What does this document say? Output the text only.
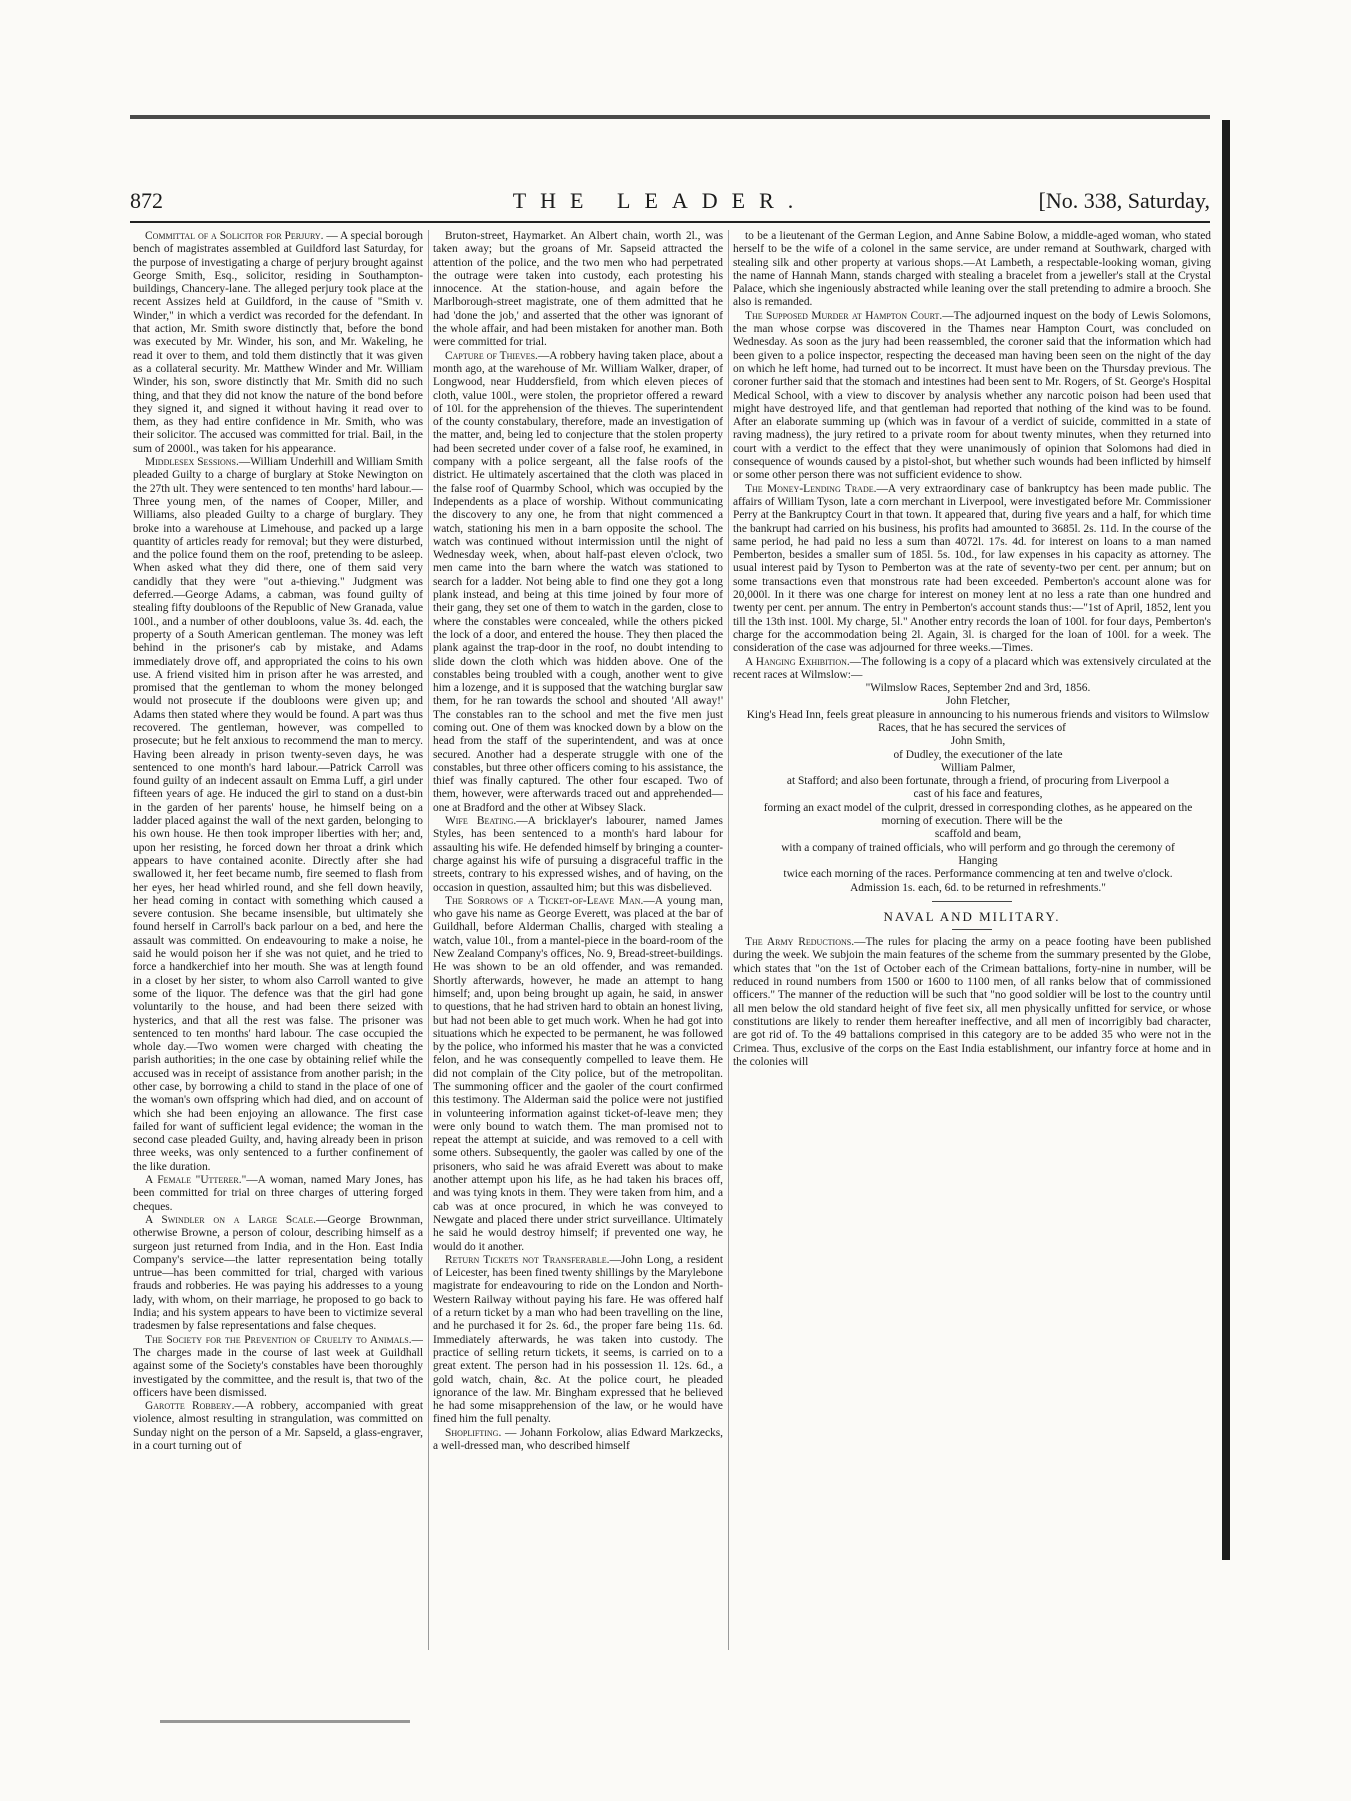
872	THE LEADER.	[No. 338, Saturday,

Committal of a Solicitor for Perjury. — A special borough bench of magistrates assembled at Guildford last Saturday, for the purpose of investigating a charge of perjury brought against George Smith, Esq., solicitor, residing in Southampton-buildings, Chancery-lane. The alleged perjury took place at the recent Assizes held at Guildford, in the cause of "Smith v. Winder," in which a verdict was recorded for the defendant. In that action, Mr. Smith swore distinctly that, before the bond was executed by Mr. Winder, his son, and Mr. Wakeling, he read it over to them, and told them distinctly that it was given as a collateral security. Mr. Matthew Winder and Mr. William Winder, his son, swore distinctly that Mr. Smith did no such thing, and that they did not know the nature of the bond before they signed it, and signed it without having it read over to them, as they had entire confidence in Mr. Smith, who was their solicitor. The accused was committed for trial. Bail, in the sum of 2000l., was taken for his appearance.

Middlesex Sessions.—William Underhill and William Smith pleaded Guilty to a charge of burglary at Stoke Newington on the 27th ult. They were sentenced to ten months' hard labour.—Three young men, of the names of Cooper, Miller, and Williams, also pleaded Guilty to a charge of burglary. They broke into a warehouse at Limehouse, and packed up a large quantity of articles ready for removal; but they were disturbed, and the police found them on the roof, pretending to be asleep. When asked what they did there, one of them said very candidly that they were "out a-thieving." Judgment was deferred.—George Adams, a cabman, was found guilty of stealing fifty doubloons of the Republic of New Granada, value 100l., and a number of other doubloons, value 3s. 4d. each, the property of a South American gentleman. The money was left behind in the prisoner's cab by mistake, and Adams immediately drove off, and appropriated the coins to his own use. A friend visited him in prison after he was arrested, and promised that the gentleman to whom the money belonged would not prosecute if the doubloons were given up; and Adams then stated where they would be found. A part was thus recovered. The gentleman, however, was compelled to prosecute; but he felt anxious to recommend the man to mercy. Having been already in prison twenty-seven days, he was sentenced to one month's hard labour.—Patrick Carroll was found guilty of an indecent assault on Emma Luff, a girl under fifteen years of age. He induced the girl to stand on a dust-bin in the garden of her parents' house, he himself being on a ladder placed against the wall of the next garden, belonging to his own house. He then took improper liberties with her; and, upon her resisting, he forced down her throat a drink which appears to have contained aconite. Directly after she had swallowed it, her feet became numb, fire seemed to flash from her eyes, her head whirled round, and she fell down heavily, her head coming in contact with something which caused a severe contusion. She became insensible, but ultimately she found herself in Carroll's back parlour on a bed, and here the assault was committed. On endeavouring to make a noise, he said he would poison her if she was not quiet, and he tried to force a handkerchief into her mouth. She was at length found in a closet by her sister, to whom also Carroll wanted to give some of the liquor. The defence was that the girl had gone voluntarily to the house, and had been there seized with hysterics, and that all the rest was false. The prisoner was sentenced to ten months' hard labour. The case occupied the whole day.—Two women were charged with cheating the parish authorities; in the one case by obtaining relief while the accused was in receipt of assistance from another parish; in the other case, by borrowing a child to stand in the place of one of the woman's own offspring which had died, and on account of which she had been enjoying an allowance. The first case failed for want of sufficient legal evidence; the woman in the second case pleaded Guilty, and, having already been in prison three weeks, was only sentenced to a further confinement of the like duration.

A Female "Utterer."—A woman, named Mary Jones, has been committed for trial on three charges of uttering forged cheques.

A Swindler on a Large Scale.—George Brownman, otherwise Browne, a person of colour, describing himself as a surgeon just returned from India, and in the Hon. East India Company's service—the latter representation being totally untrue—has been committed for trial, charged with various frauds and robberies. He was paying his addresses to a young lady, with whom, on their marriage, he proposed to go back to India; and his system appears to have been to victimize several tradesmen by false representations and false cheques.

The Society for the Prevention of Cruelty to Animals.—The charges made in the course of last week at Guildhall against some of the Society's constables have been thoroughly investigated by the committee, and the result is, that two of the officers have been dismissed.

Garotte Robbery.—A robbery, accompanied with great violence, almost resulting in strangulation, was committed on Sunday night on the person of a Mr. Sapseld, a glass-engraver, in a court turning out of

Bruton-street, Haymarket. An Albert chain, worth 2l., was taken away; but the groans of Mr. Sapseid attracted the attention of the police, and the two men who had perpetrated the outrage were taken into custody, each protesting his innocence. At the station-house, and again before the Marlborough-street magistrate, one of them admitted that he had 'done the job,' and asserted that the other was ignorant of the whole affair, and had been mistaken for another man. Both were committed for trial.

Capture of Thieves.—A robbery having taken place, about a month ago, at the warehouse of Mr. William Walker, draper, of Longwood, near Huddersfield, from which eleven pieces of cloth, value 100l., were stolen, the proprietor offered a reward of 10l. for the apprehension of the thieves. The superintendent of the county constabulary, therefore, made an investigation of the matter, and, being led to conjecture that the stolen property had been secreted under cover of a false roof, he examined, in company with a police sergeant, all the false roofs of the district. He ultimately ascertained that the cloth was placed in the false roof of Quarmby School, which was occupied by the Independents as a place of worship. Without communicating the discovery to any one, he from that night commenced a watch, stationing his men in a barn opposite the school. The watch was continued without intermission until the night of Wednesday week, when, about half-past eleven o'clock, two men came into the barn where the watch was stationed to search for a ladder. Not being able to find one they got a long plank instead, and being at this time joined by four more of their gang, they set one of them to watch in the garden, close to where the constables were concealed, while the others picked the lock of a door, and entered the house. They then placed the plank against the trap-door in the roof, no doubt intending to slide down the cloth which was hidden above. One of the constables being troubled with a cough, another went to give him a lozenge, and it is supposed that the watching burglar saw them, for he ran towards the school and shouted 'All away!' The constables ran to the school and met the five men just coming out. One of them was knocked down by a blow on the head from the staff of the superintendent, and was at once secured. Another had a desperate struggle with one of the constables, but three other officers coming to his assistance, the thief was finally captured. The other four escaped. Two of them, however, were afterwards traced out and apprehended—one at Bradford and the other at Wibsey Slack.

Wife Beating.—A bricklayer's labourer, named James Styles, has been sentenced to a month's hard labour for assaulting his wife. He defended himself by bringing a counter-charge against his wife of pursuing a disgraceful traffic in the streets, contrary to his expressed wishes, and of having, on the occasion in question, assaulted him; but this was disbelieved.

The Sorrows of a Ticket-of-Leave Man.—A young man, who gave his name as George Everett, was placed at the bar of Guildhall, before Alderman Challis, charged with stealing a watch, value 10l., from a mantel-piece in the board-room of the New Zealand Company's offices, No. 9, Bread-street-buildings. He was shown to be an old offender, and was remanded. Shortly afterwards, however, he made an attempt to hang himself; and, upon being brought up again, he said, in answer to questions, that he had striven hard to obtain an honest living, but had not been able to get much work. When he had got into situations which he expected to be permanent, he was followed by the police, who informed his master that he was a convicted felon, and he was consequently compelled to leave them. He did not complain of the City police, but of the metropolitan. The summoning officer and the gaoler of the court confirmed this testimony. The Alderman said the police were not justified in volunteering information against ticket-of-leave men; they were only bound to watch them. The man promised not to repeat the attempt at suicide, and was removed to a cell with some others. Subsequently, the gaoler was called by one of the prisoners, who said he was afraid Everett was about to make another attempt upon his life, as he had taken his braces off, and was tying knots in them. They were taken from him, and a cab was at once procured, in which he was conveyed to Newgate and placed there under strict surveillance. Ultimately he said he would destroy himself; if prevented one way, he would do it another.

Return Tickets not Transferable.—John Long, a resident of Leicester, has been fined twenty shillings by the Marylebone magistrate for endeavouring to ride on the London and North-Western Railway without paying his fare. He was offered half of a return ticket by a man who had been travelling on the line, and he purchased it for 2s. 6d., the proper fare being 11s. 6d. Immediately afterwards, he was taken into custody. The practice of selling return tickets, it seems, is carried on to a great extent. The person had in his possession 1l. 12s. 6d., a gold watch, chain, &c. At the police court, he pleaded ignorance of the law. Mr. Bingham expressed that he believed he had some misapprehension of the law, or he would have fined him the full penalty.

Shoplifting. — Johann Forkolow, alias Edward Markzecks, a well-dressed man, who described himself

to be a lieutenant of the German Legion, and Anne Sabine Bolow, a middle-aged woman, who stated herself to be the wife of a colonel in the same service, are under remand at Southwark, charged with stealing silk and other property at various shops.—At Lambeth, a respectable-looking woman, giving the name of Hannah Mann, stands charged with stealing a bracelet from a jeweller's stall at the Crystal Palace, which she ingeniously abstracted while leaning over the stall pretending to admire a brooch. She also is remanded.

The Supposed Murder at Hampton Court.—The adjourned inquest on the body of Lewis Solomons, the man whose corpse was discovered in the Thames near Hampton Court, was concluded on Wednesday. As soon as the jury had been reassembled, the coroner said that the information which had been given to a police inspector, respecting the deceased man having been seen on the night of the day on which he left home, had turned out to be incorrect. It must have been on the Thursday previous. The coroner further said that the stomach and intestines had been sent to Mr. Rogers, of St. George's Hospital Medical School, with a view to discover by analysis whether any narcotic poison had been used that might have destroyed life, and that gentleman had reported that nothing of the kind was to be found. After an elaborate summing up (which was in favour of a verdict of suicide, committed in a state of raving madness), the jury retired to a private room for about twenty minutes, when they returned into court with a verdict to the effect that they were unanimously of opinion that Solomons had died in consequence of wounds caused by a pistol-shot, but whether such wounds had been inflicted by himself or some other person there was not sufficient evidence to show.

The Money-Lending Trade.—A very extraordinary case of bankruptcy has been made public. The affairs of William Tyson, late a corn merchant in Liverpool, were investigated before Mr. Commissioner Perry at the Bankruptcy Court in that town. It appeared that, during five years and a half, for which time the bankrupt had carried on his business, his profits had amounted to 3685l. 2s. 11d. In the course of the same period, he had paid no less a sum than 4072l. 17s. 4d. for interest on loans to a man named Pemberton, besides a smaller sum of 185l. 5s. 10d., for law expenses in his capacity as attorney. The usual interest paid by Tyson to Pemberton was at the rate of seventy-two per cent. per annum; but on some transactions even that monstrous rate had been exceeded. Pemberton's account alone was for 20,000l. In it there was one charge for interest on money lent at no less a rate than one hundred and twenty per cent. per annum. The entry in Pemberton's account stands thus:—"1st of April, 1852, lent you till the 13th inst. 100l. My charge, 5l." Another entry records the loan of 100l. for four days, Pemberton's charge for the accommodation being 2l. Again, 3l. is charged for the loan of 100l. for a week. The consideration of the case was adjourned for three weeks.—Times.

A Hanging Exhibition.—The following is a copy of a placard which was extensively circulated at the recent races at Wilmslow:—

"Wilmslow Races, September 2nd and 3rd, 1856.

John Fletcher,

King's Head Inn, feels great pleasure in announcing to his numerous friends and visitors to Wilmslow Races, that he has secured the services of

John Smith,

of Dudley, the executioner of the late

William Palmer,

at Stafford; and also been fortunate, through a friend, of procuring from Liverpool a

cast of his face and features,

forming an exact model of the culprit, dressed in corresponding clothes, as he appeared on the morning of execution. There will be the

scaffold and beam,

with a company of trained officials, who will perform and go through the ceremony of

Hanging

twice each morning of the races. Performance commencing at ten and twelve o'clock.

Admission 1s. each, 6d. to be returned in refreshments."

NAVAL AND MILITARY.

The Army Reductions.—The rules for placing the army on a peace footing have been published during the week. We subjoin the main features of the scheme from the summary presented by the Globe, which states that "on the 1st of October each of the Crimean battalions, forty-nine in number, will be reduced in round numbers from 1500 or 1600 to 1100 men, of all ranks below that of commissioned officers." The manner of the reduction will be such that "no good soldier will be lost to the country until all men below the old standard height of five feet six, all men physically unfitted for service, or whose constitutions are likely to render them hereafter ineffective, and all men of incorrigibly bad character, are got rid of. To the 49 battalions comprised in this category are to be added 35 who were not in the Crimea. Thus, exclusive of the corps on the East India establishment, our infantry force at home and in the colonies will
